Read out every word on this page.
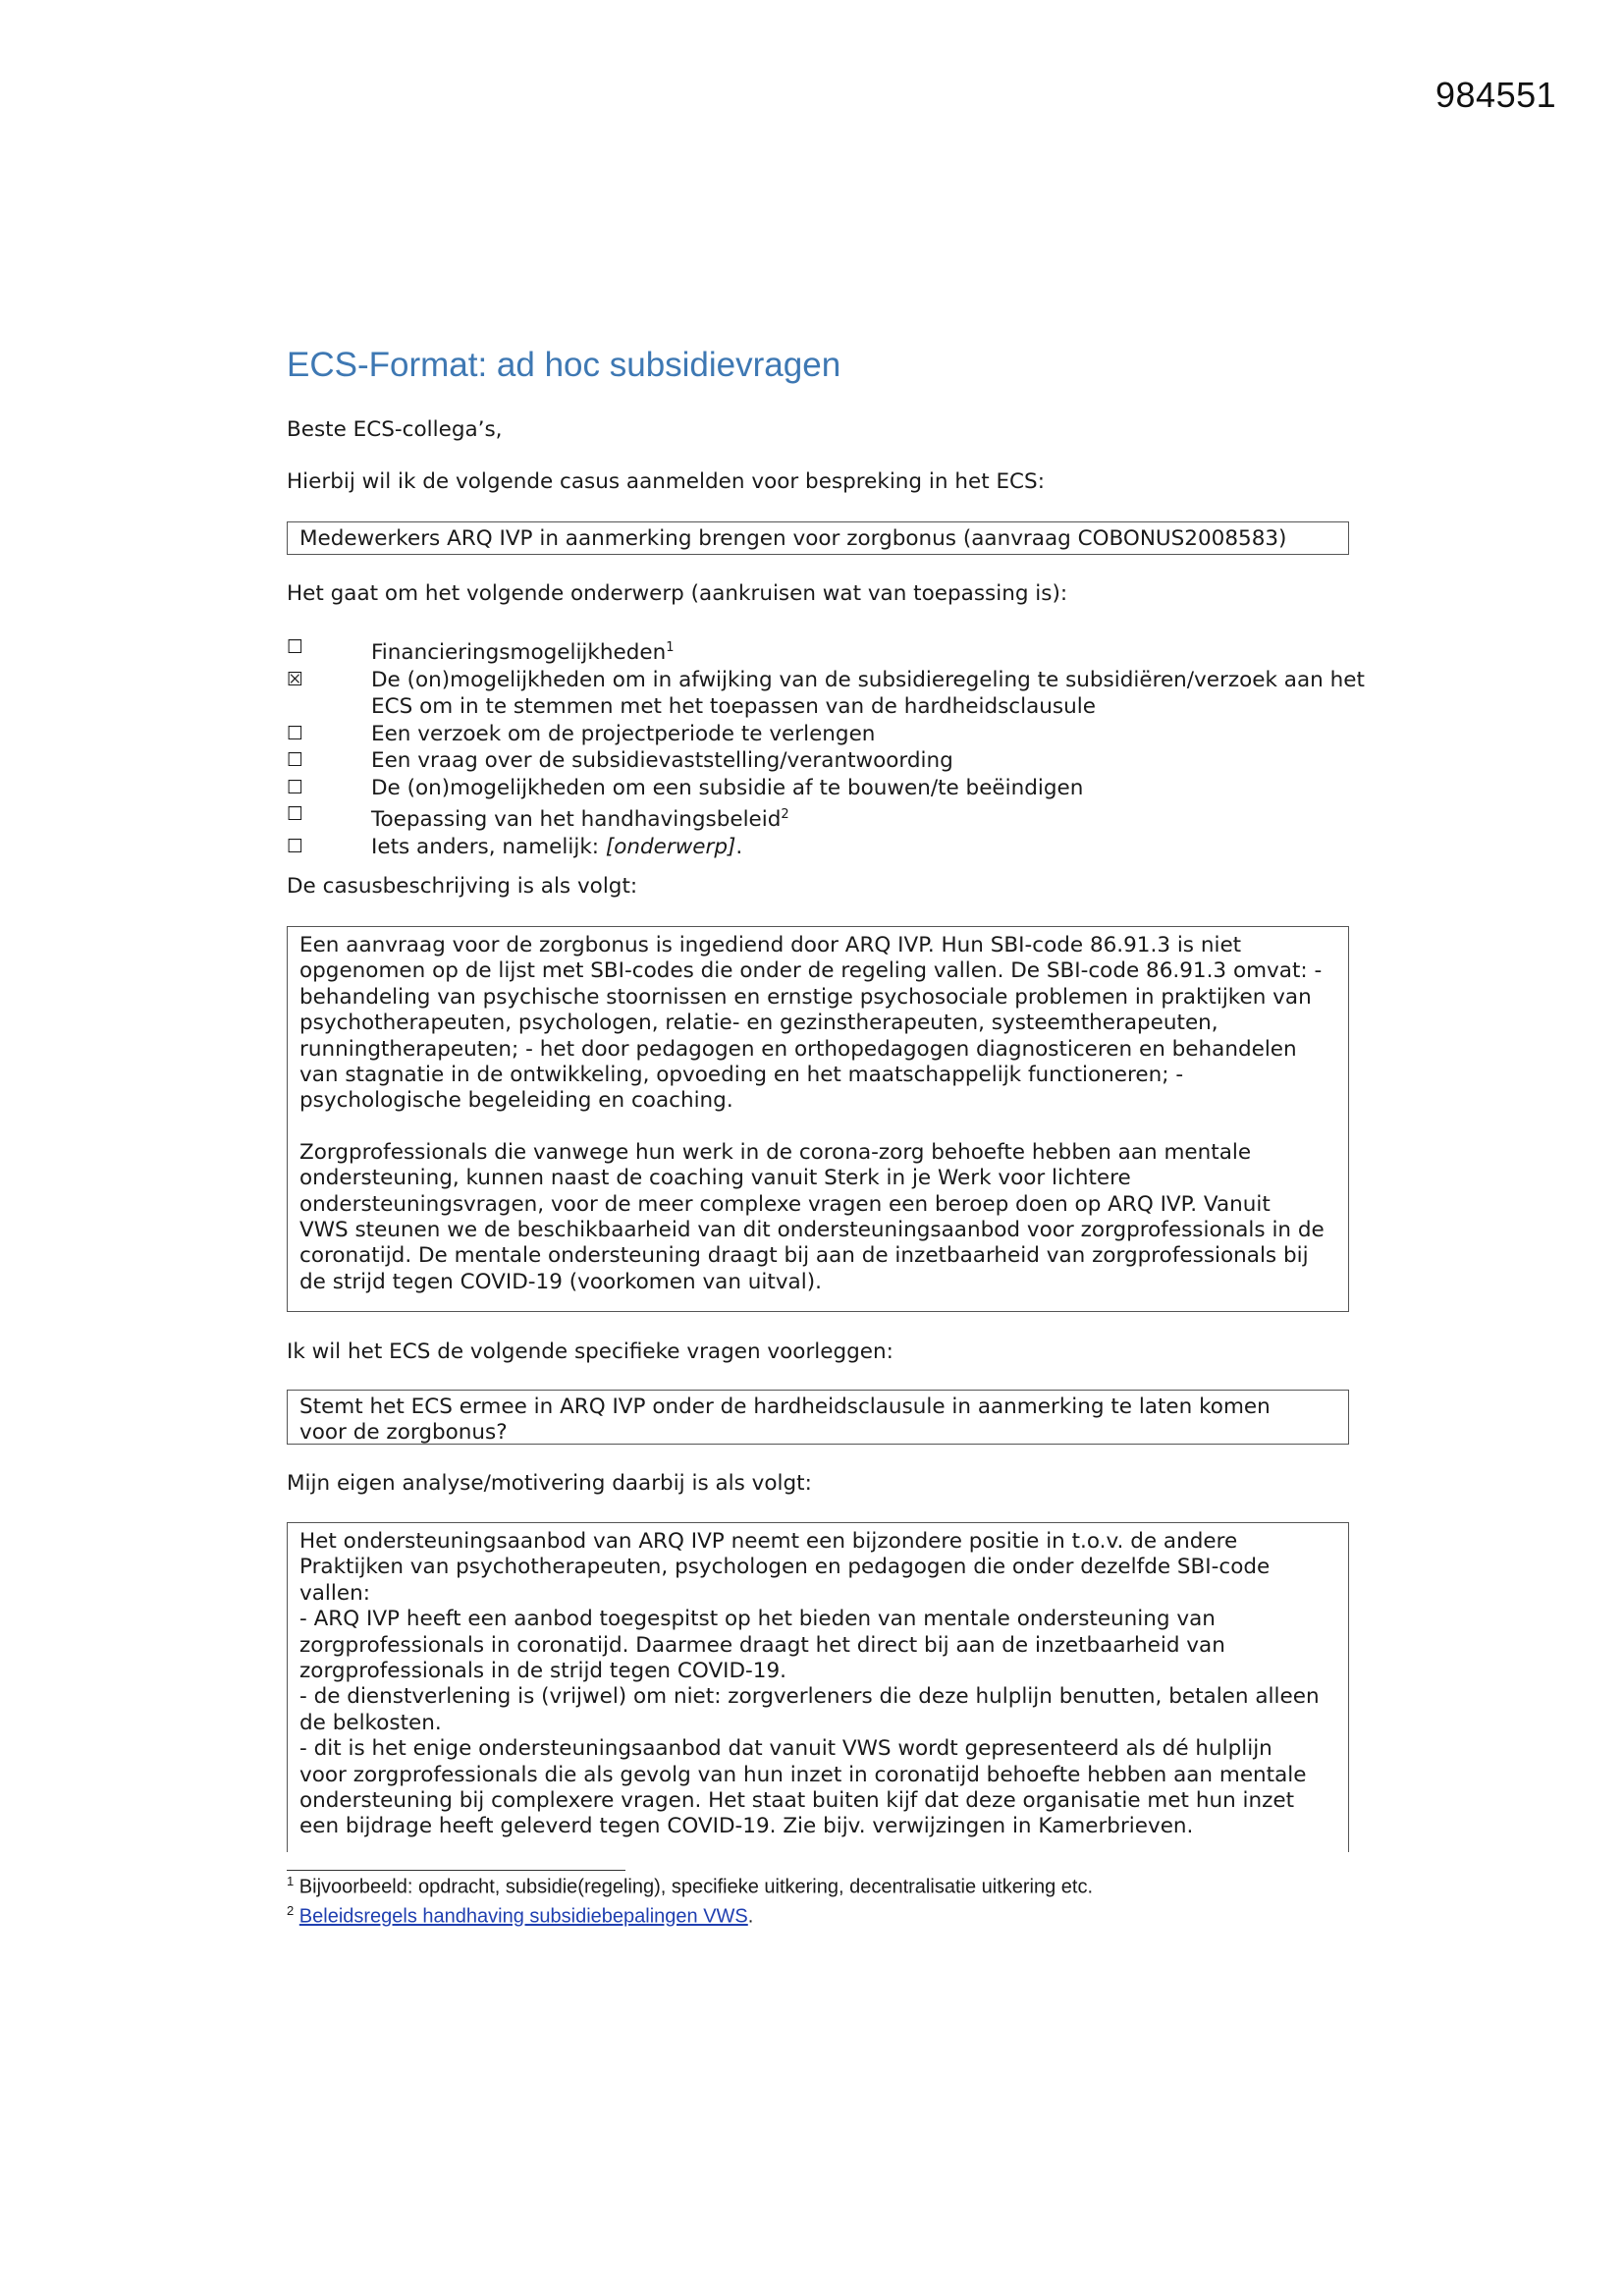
984551
ECS-Format: ad hoc subsidievragen
Beste ECS-collega’s,
Hierbij wil ik de volgende casus aanmelden voor bespreking in het ECS:
Medewerkers ARQ IVP in aanmerking brengen voor zorgbonus (aanvraag COBONUS2008583)
Het gaat om het volgende onderwerp (aankruisen wat van toepassing is):
☐	Financieringsmogelijkheden$^1$
☒	De (on)mogelijkheden om in afwijking van de subsidieregeling te subsidiëren/verzoek aan het ECS om in te stemmen met het toepassen van de hardheidsclausule
☐	Een verzoek om de projectperiode te verlengen
☐	Een vraag over de subsidievaststelling/verantwoording
☐	De (on)mogelijkheden om een subsidie af te bouwen/te beëindigen
☐	Toepassing van het handhavingsbeleid$^2$
☐	Iets anders, namelijk: [onderwerp].
De casusbeschrijving is als volgt:
Een aanvraag voor de zorgbonus is ingediend door ARQ IVP. Hun SBI-code 86.91.3 is niet
opgenomen op de lijst met SBI-codes die onder de regeling vallen. De SBI-code 86.91.3 omvat: -
behandeling van psychische stoornissen en ernstige psychosociale problemen in praktijken van
psychotherapeuten, psychologen, relatie- en gezinstherapeuten, systeemtherapeuten,
runningtherapeuten; - het door pedagogen en orthopedagogen diagnosticeren en behandelen
van stagnatie in de ontwikkeling, opvoeding en het maatschappelijk functioneren; -
psychologische begeleiding en coaching.
Zorgprofessionals die vanwege hun werk in de corona-zorg behoefte hebben aan mentale
ondersteuning, kunnen naast de coaching vanuit Sterk in je Werk voor lichtere
ondersteuningsvragen, voor de meer complexe vragen een beroep doen op ARQ IVP. Vanuit
VWS steunen we de beschikbaarheid van dit ondersteuningsaanbod voor zorgprofessionals in de
coronatijd. De mentale ondersteuning draagt bij aan de inzetbaarheid van zorgprofessionals bij
de strijd tegen COVID-19 (voorkomen van uitval).
Ik wil het ECS de volgende specifieke vragen voorleggen:
Stemt het ECS ermee in ARQ IVP onder de hardheidsclausule in aanmerking te laten komen
voor de zorgbonus?
Mijn eigen analyse/motivering daarbij is als volgt:
Het ondersteuningsaanbod van ARQ IVP neemt een bijzondere positie in t.o.v. de andere
Praktijken van psychotherapeuten, psychologen en pedagogen die onder dezelfde SBI-code
vallen:
- ARQ IVP heeft een aanbod toegespitst op het bieden van mentale ondersteuning van
zorgprofessionals in coronatijd. Daarmee draagt het direct bij aan de inzetbaarheid van
zorgprofessionals in de strijd tegen COVID-19.
- de dienstverlening is (vrijwel) om niet: zorgverleners die deze hulplijn benutten, betalen alleen
de belkosten.
- dit is het enige ondersteuningsaanbod dat vanuit VWS wordt gepresenteerd als dé hulplijn
voor zorgprofessionals die als gevolg van hun inzet in coronatijd behoefte hebben aan mentale
ondersteuning bij complexere vragen. Het staat buiten kijf dat deze organisatie met hun inzet
een bijdrage heeft geleverd tegen COVID-19. Zie bijv. verwijzingen in Kamerbrieven.
$^1$ Bijvoorbeeld: opdracht, subsidie(regeling), specifieke uitkering, decentralisatie uitkering etc.
$^2$ Beleidsregels handhaving subsidiebepalingen VWS.
